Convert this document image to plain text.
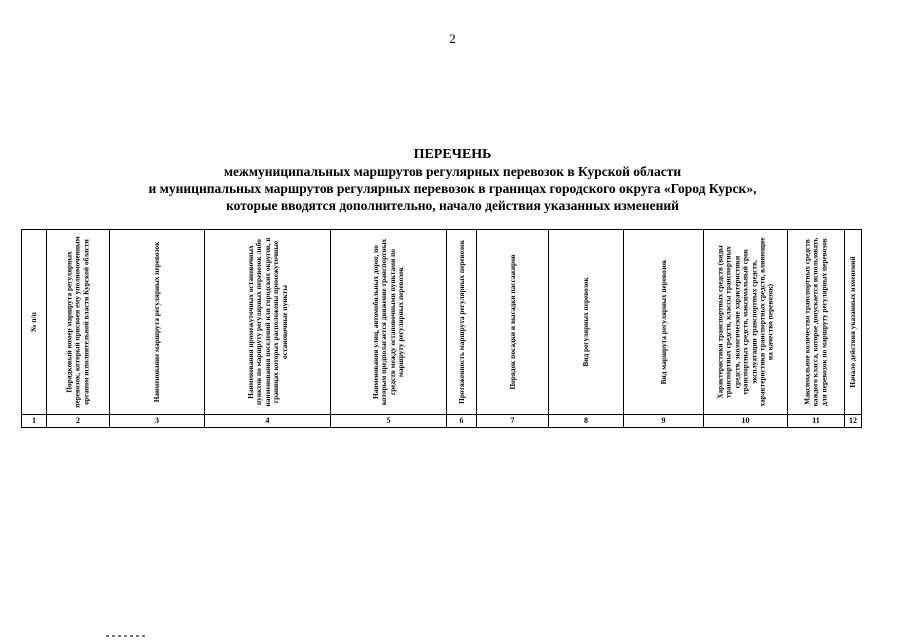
2
ПЕРЕЧЕНЬ
межмуниципальных маршрутов регулярных перевозок в Курской области
и муниципальных маршрутов регулярных перевозок в границах городского округа «Город Курск»,
которые вводятся дополнительно, начало действия указанных изменений
№ п/п	Порядковый номер маршрута регулярных перевозок, который присвоен ему уполномоченным органом исполнительной власти Курской области	Наименование маршрута регулярных перевозок	Наименования промежуточных остановочных пунктов по маршруту регулярных перевозок либо наименования поселений или городских округов, в границах которых расположены промежуточные остановочные пункты	Наименования улиц, автомобильных дорог, по которым предполагается движение транспортных средств между остановочными пунктами по маршруту регулярных перевозок	Протяженность маршрута регулярных перевозок	Порядок посадки и высадки пассажиров	Вид регулярных перевозок	Вид маршрута регулярных перевозок	Характеристики транспортных средств (виды транспортных средств, классы транспортных средств, экологические характеристики транспортных средств, максимальный срок эксплуатации транспортных средств, характеристики транспортных средств, влияющие на качество перевозок)	Максимальное количество транспортных средств каждого класса, которое допускается использовать для перевозок по маршруту регулярных перевозок	Начало действия указанных изменений
1	2	3	4	5	6	7	8	9	10	11	12
